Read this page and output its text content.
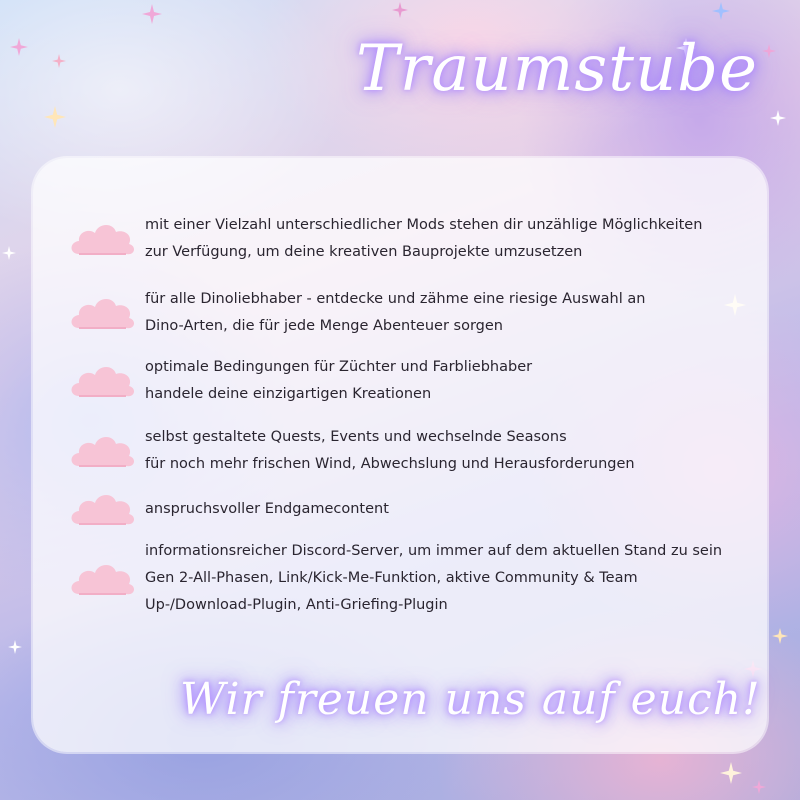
Traumstube
mit einer Vielzahl unterschiedlicher Mods stehen dir unzählige Möglichkeiten
zur Verfügung, um deine kreativen Bauprojekte umzusetzen
für alle Dinoliebhaber - entdecke und zähme eine riesige Auswahl an
Dino-Arten, die für jede Menge Abenteuer sorgen
optimale Bedingungen für Züchter und Farbliebhaber
handele deine einzigartigen Kreationen
selbst gestaltete Quests, Events und wechselnde Seasons
für noch mehr frischen Wind, Abwechslung und Herausforderungen
anspruchsvoller Endgamecontent
informationsreicher Discord-Server, um immer auf dem aktuellen Stand zu sein
Gen 2-All-Phasen, Link/Kick-Me-Funktion, aktive Community & Team
Up-/Download-Plugin, Anti-Griefing-Plugin
Wir freuen uns auf euch!
